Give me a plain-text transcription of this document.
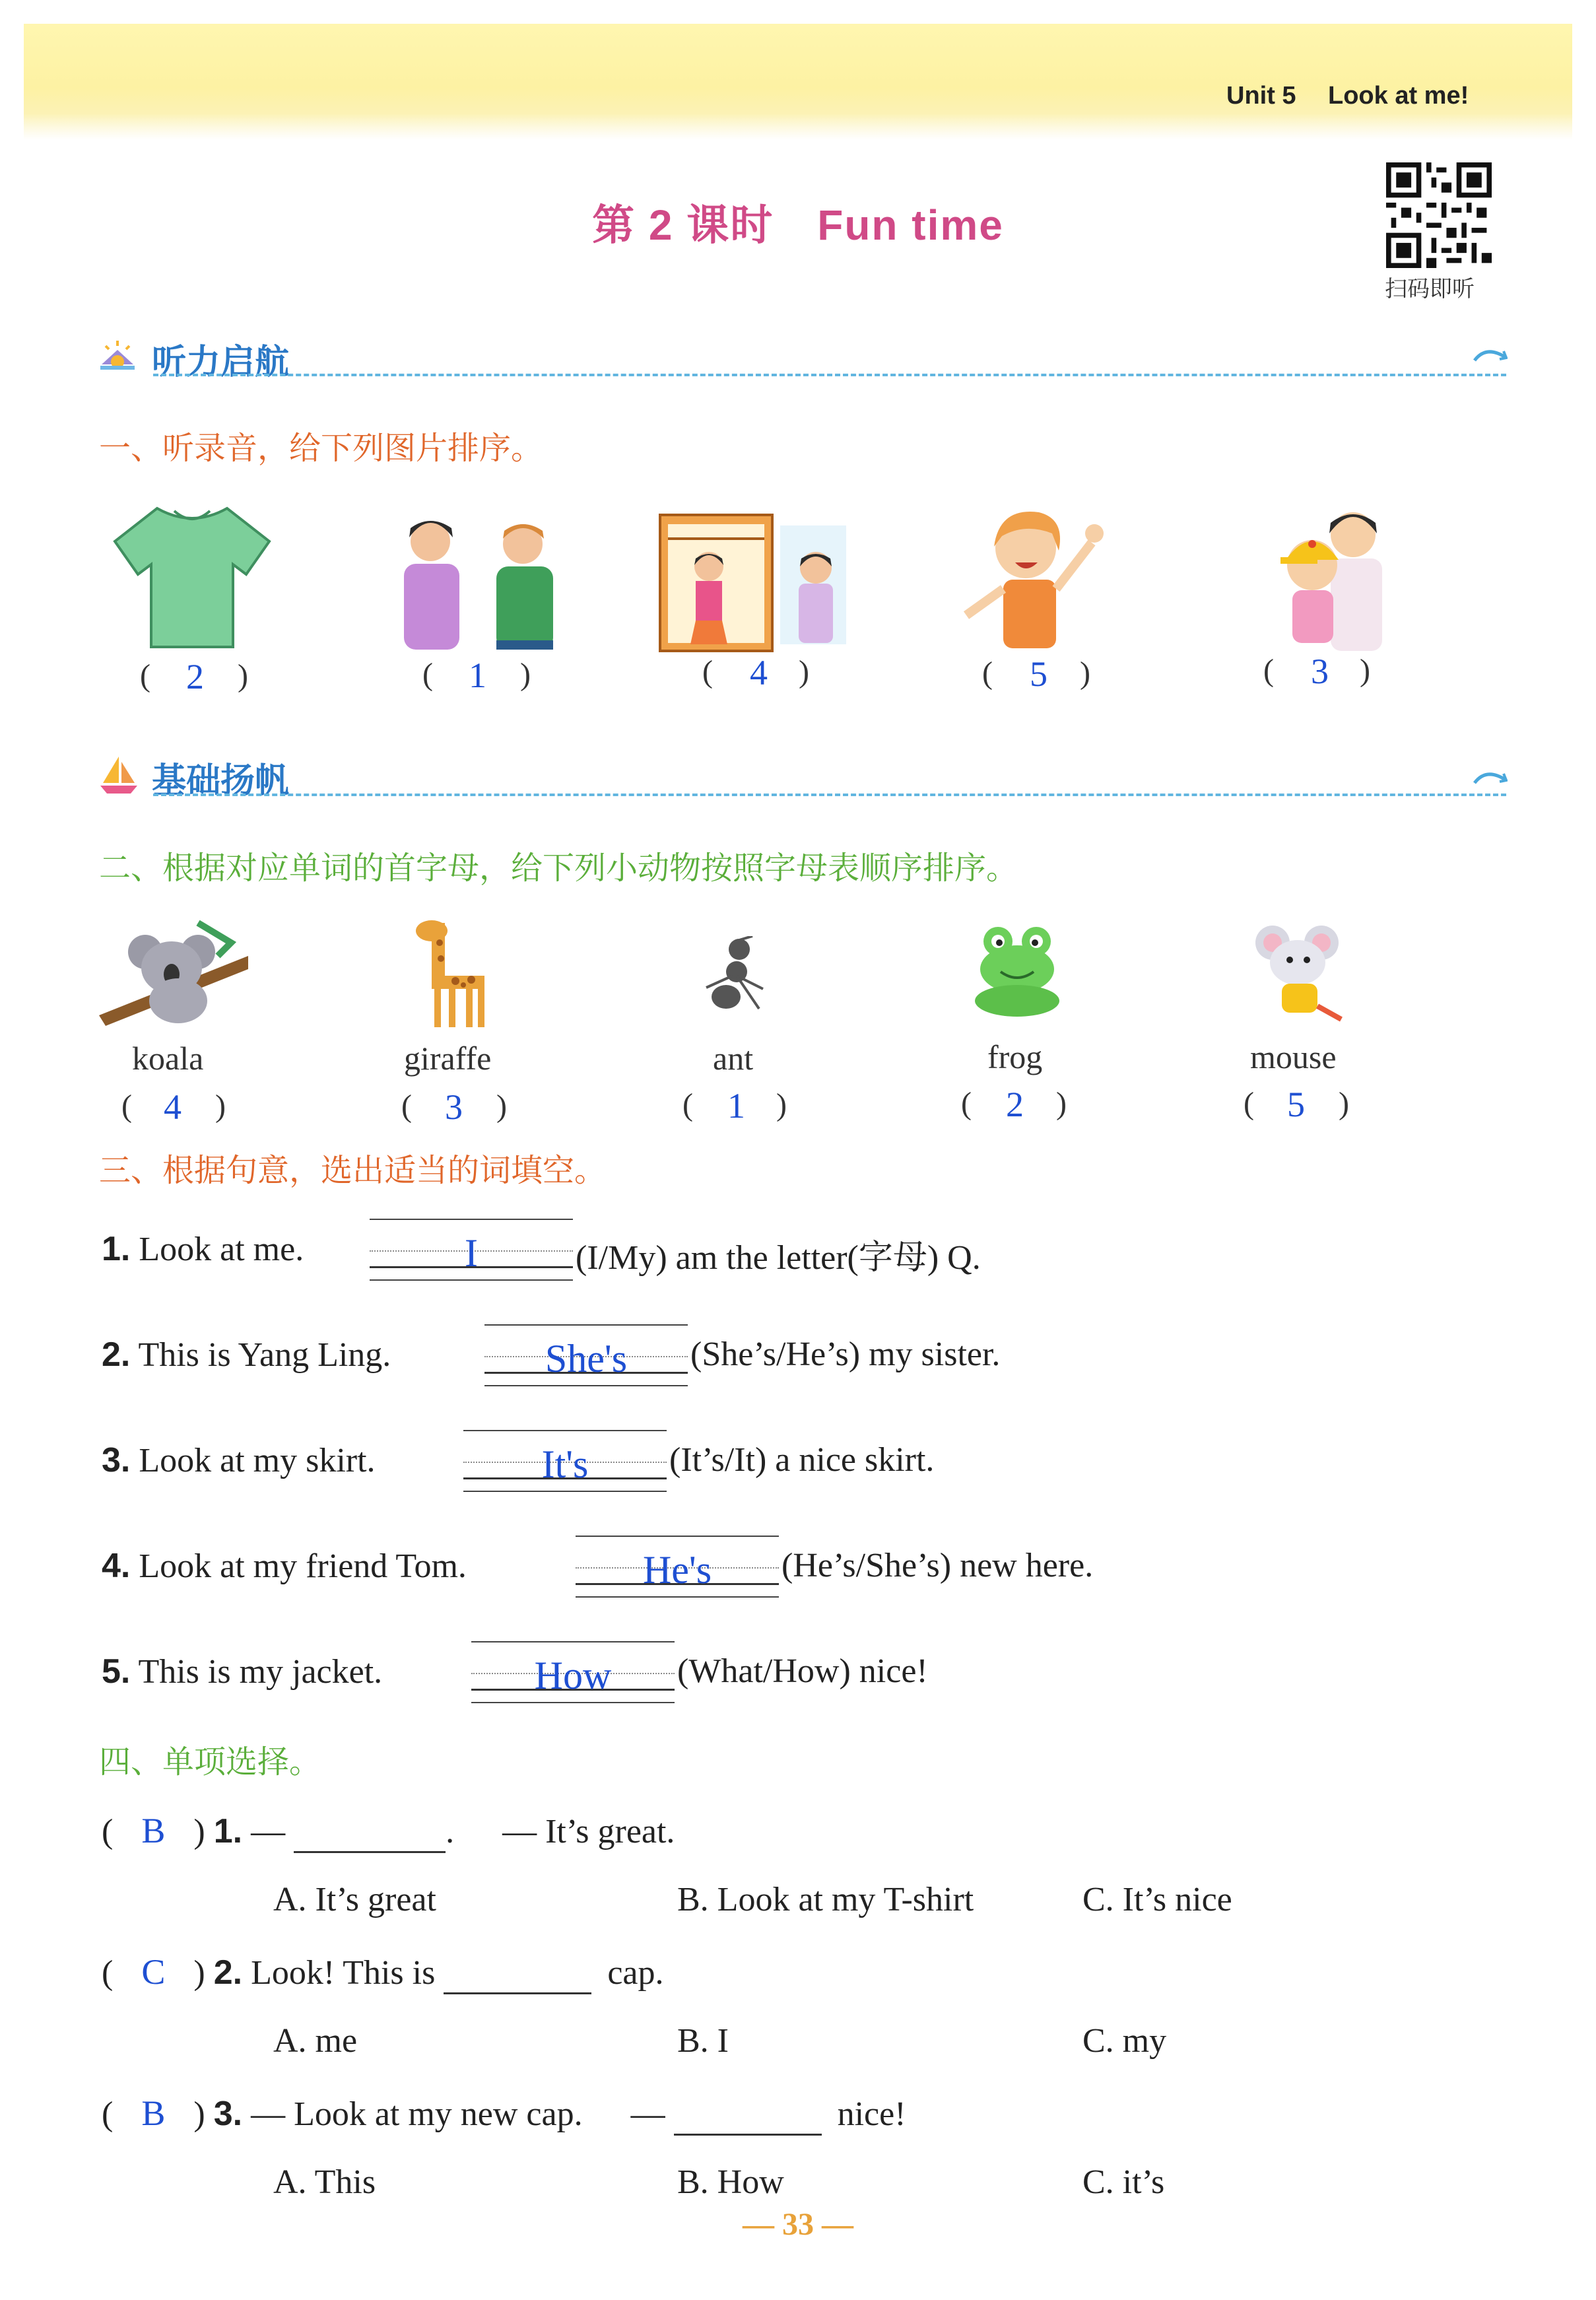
Unit 5 Look at me!
第 2 课时　Fun time
扫码即听
听力启航
一、听录音，给下列图片排序。
( 2 )	( 1 )	( 4 )	( 5 )	( 3 )
基础扬帆
二、根据对应单词的首字母，给下列小动物按照字母表顺序排序。
koala	giraffe	ant	frog	mouse
( 4 )	( 3 )	( 1 )	( 2 )	( 5 )
三、根据句意，选出适当的词填空。
1. Look at me.	I	(I/My) am the letter(字母) Q.
2. This is Yang Ling.	She's	(She’s/He’s) my sister.
3. Look at my skirt.	It's	(It’s/It) a nice skirt.
4. Look at my friend Tom.	He's	(He’s/She’s) new here.
5. This is my jacket.	How	(What/How) nice!
四、单项选择。
( B ) 1. —	. — It’s great.
A. It’s great	B. Look at my T-shirt	C. It’s nice
( C ) 2. Look! This is	cap.
A. me	B. I	C. my
( B ) 3. — Look at my new cap. —	nice!
A. This	B. How	C. it’s
— 33 —
